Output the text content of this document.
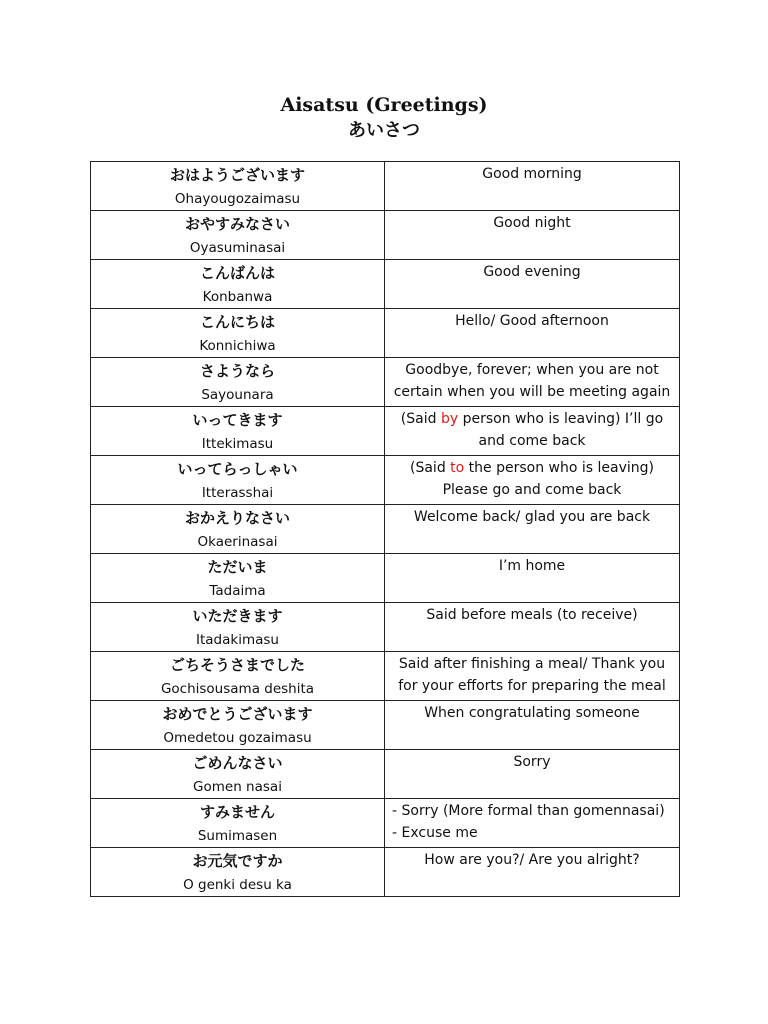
Aisatsu (Greetings)
あいさつ
おはようございます
Ohayougozaimasu	Good morning

おやすみなさい
Oyasuminasai	Good night

こんばんは
Konbanwa	Good evening

こんにちは
Konnichiwa	Hello/ Good afternoon

さようなら
Sayounara	Goodbye, forever; when you are not
certain when you will be meeting again

いってきます
Ittekimasu	(Said by person who is leaving) I’ll go
and come back

いってらっしゃい
Itterasshai	(Said to the person who is leaving)
Please go and come back

おかえりなさい
Okaerinasai	Welcome back/ glad you are back

ただいま
Tadaima	I’m home

いただきます
Itadakimasu	Said before meals (to receive)

ごちそうさまでした
Gochisousama deshita	Said after finishing a meal/ Thank you
for your efforts for preparing the meal

おめでとうございます
Omedetou gozaimasu	When congratulating someone

ごめんなさい
Gomen nasai	Sorry

すみません
Sumimasen	- Sorry (More formal than gomennasai)
- Excuse me

お元気ですか
O genki desu ka	How are you?/ Are you alright?
